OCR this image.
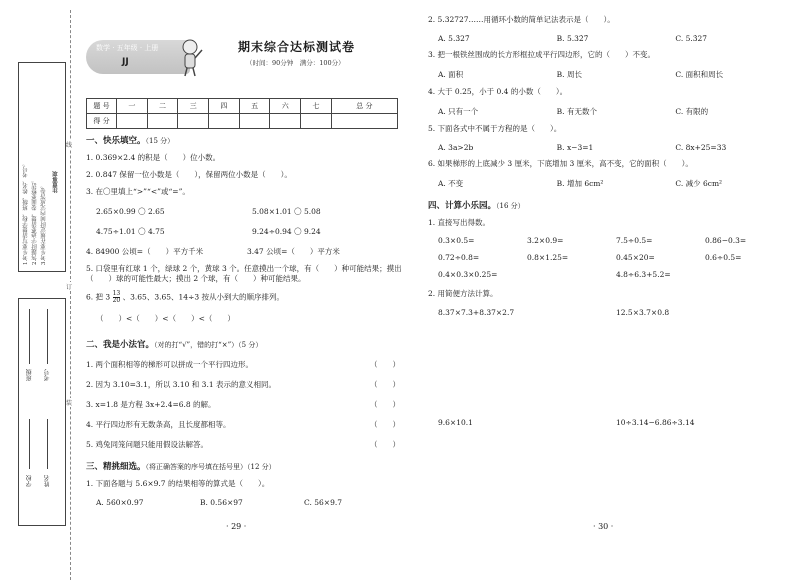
1.考生要写清楚学校、班级、姓名、考号。 2.答题时字迹要清楚，卷面要整洁。 3.考生要在规定时间内完成答卷。
注意事项
线
订
装
学校 姓名
班级 考号
数学 · 五年级 · 上册
JJ
期末综合达标测试卷
（时间：90分钟　满分：100分）
题 号	一	二	三	四	五	六	七	总 分
得 分								
一、快乐填空。（15 分）
1. 0.369×2.4 的积是（　　）位小数。
2. 0.847 保留一位小数是（　　），保留两位小数是（　　）。
3. 在〇里填上“>”“<”或“=”。
2.65×0.99 〇 2.65	5.08×1.01 〇 5.08
4.75÷1.01 〇 4.75	9.24÷0.94 〇 9.24
4. 84900 公顷=（　　）平方千米	3.47 公顷=（　　）平方米
5. 口袋里有红球 1 个，绿球 2 个，黄球 3 个。任意摸出一个球，有（　　）种可能结果；摸出（　　）球的可能性最大；摸出 2 个球，有（　　）种可能结果。
6. 把 $3 \frac{13}{20}$ 、3.65、3.65、14÷3 按从小到大的顺序排列。
（　　）<（　　）<（　　）<（　　）
二、我是小法官。（对的打“√”，错的打“×”）（5 分）
1. 两个面积相等的梯形可以拼成一个平行四边形。	（　　）
2. 因为 3.10=3.1，所以 3.10 和 3.1 表示的意义相同。	（　　）
3. x=1.8 是方程 3x+2.4=6.8 的解。	（　　）
4. 平行四边形有无数条高，且长度都相等。	（　　）
5. 鸡兔同笼问题只能用假设法解答。	（　　）
三、精挑细选。（将正确答案的序号填在括号里）（12 分）
1. 下面各题与 5.6×9.7 的结果相等的算式是（　　）。
A. 560×0.97	B. 0.56×97	C. 56×9.7
· 29 ·
2. 5.32727……用循环小数的简单记法表示是（　　）。
A. 5.3̇27̇	B. 5.32̇7̇	C. 5.3̇27̇
3. 把一根铁丝围成的长方形框拉成平行四边形，它的（　　）不变。
A. 面积	B. 周长	C. 面积和周长
4. 大于 0.25，小于 0.4 的小数（　　）。
A. 只有一个	B. 有无数个	C. 有限的
5. 下面各式中不属于方程的是（　　）。
A. 3a>2b	B. x−3=1	C. 8x+25=33
6. 如果梯形的上底减少 3 厘米，下底增加 3 厘米，高不变，它的面积（　　）。
A. 不变	B. 增加 6cm²	C. 减少 6cm²
四、计算小乐园。（16 分）
1. 直接写出得数。
0.3×0.5=	3.2×0.9=	7.5÷0.5=	0.86−0.3=
0.72÷0.8=	0.8×1.25=	0.45×20=	0.6÷0.5=
0.4×0.3×0.25=	4.8÷6.3+5.2=
2. 用简便方法计算。
8.37×7.3+8.37×2.7	12.5×3.7×0.8
9.6×10.1	10÷3.14−6.86÷3.14
· 30 ·
